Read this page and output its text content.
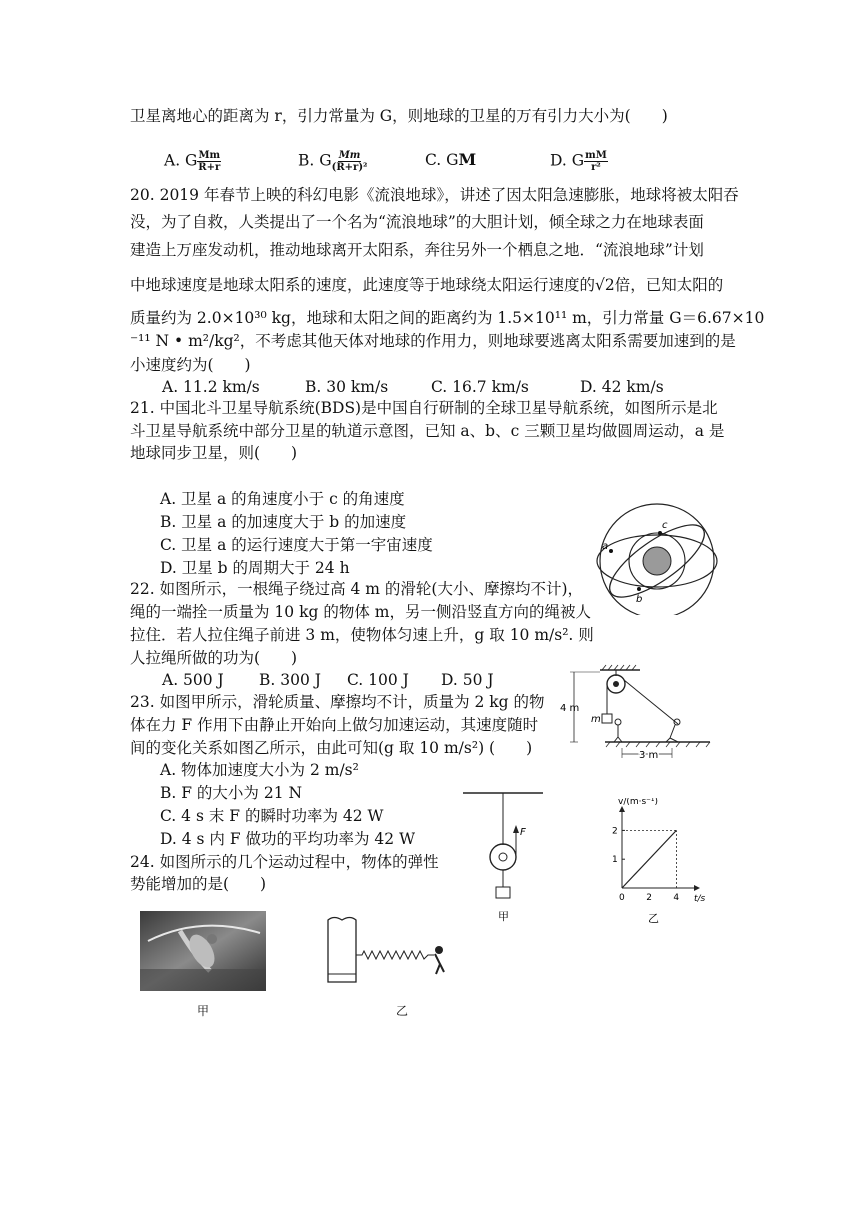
卫星离地心的距离为 r，引力常量为 G，则地球的卫星的万有引力大小为(　　)
A. G $\frac{Mm}{R+r}$	B. G $\frac{Mm}{\text{(R+r)²}}$	C. GM	D. G $\frac{mM}{\text{r²}}$
20. 2019 年春节上映的科幻电影《流浪地球》，讲述了因太阳急速膨胀，地球将被太阳吞
没，为了自救，人类提出了一个名为“流浪地球”的大胆计划，倾全球之力在地球表面
建造上万座发动机，推动地球离开太阳系，奔往另外一个栖息之地．“流浪地球”计划
中地球速度是地球太阳系的速度，此速度等于地球绕太阳运行速度的√2倍，已知太阳的
质量约为 2.0×10³⁰ kg，地球和太阳之间的距离约为 1.5×10¹¹ m，引力常量 G＝6.67×10
⁻¹¹ N • m²/kg²，不考虑其他天体对地球的作用力，则地球要逃离太阳系需要加速到的是
小速度约为(　　)
A. 11.2 km/s	B. 30 km/s	C. 16.7 km/s	D. 42 km/s
21. 中国北斗卫星导航系统(BDS)是中国自行研制的全球卫星导航系统，如图所示是北
斗卫星导航系统中部分卫星的轨道示意图，已知 a、b、c 三颗卫星均做圆周运动，a 是
地球同步卫星，则(　　)
A. 卫星 a 的角速度小于 c 的角速度
B. 卫星 a 的加速度大于 b 的加速度
C. 卫星 a 的运行速度大于第一宇宙速度
D. 卫星 b 的周期大于 24 h
a
b
c
22. 如图所示，一根绳子绕过高 4 m 的滑轮(大小、摩擦均不计)，
绳的一端拴一质量为 10 kg 的物体 m，另一侧沿竖直方向的绳被人
拉住．若人拉住绳子前进 3 m，使物体匀速上升，g 取 10 m/s². 则
人拉绳所做的功为(　　)
A. 500 J B. 300 J C. 100 J D. 50 J
m
4 m
3 m
23. 如图甲所示，滑轮质量、摩擦均不计，质量为 2 kg 的物
体在力 F 作用下由静止开始向上做匀加速运动，其速度随时
间的变化关系如图乙所示，由此可知(g 取 10 m/s²) (　　)
A. 物体加速度大小为 2 m/s²
B. F 的大小为 21 N
C. 4 s 末 F 的瞬时功率为 42 W
D. 4 s 内 F 做功的平均功率为 42 W	F
甲
v/(m·s⁻¹)
t/s
0 2 4
1
2
乙
24. 如图所示的几个运动过程中，物体的弹性
势能增加的是(　　)
甲	乙
